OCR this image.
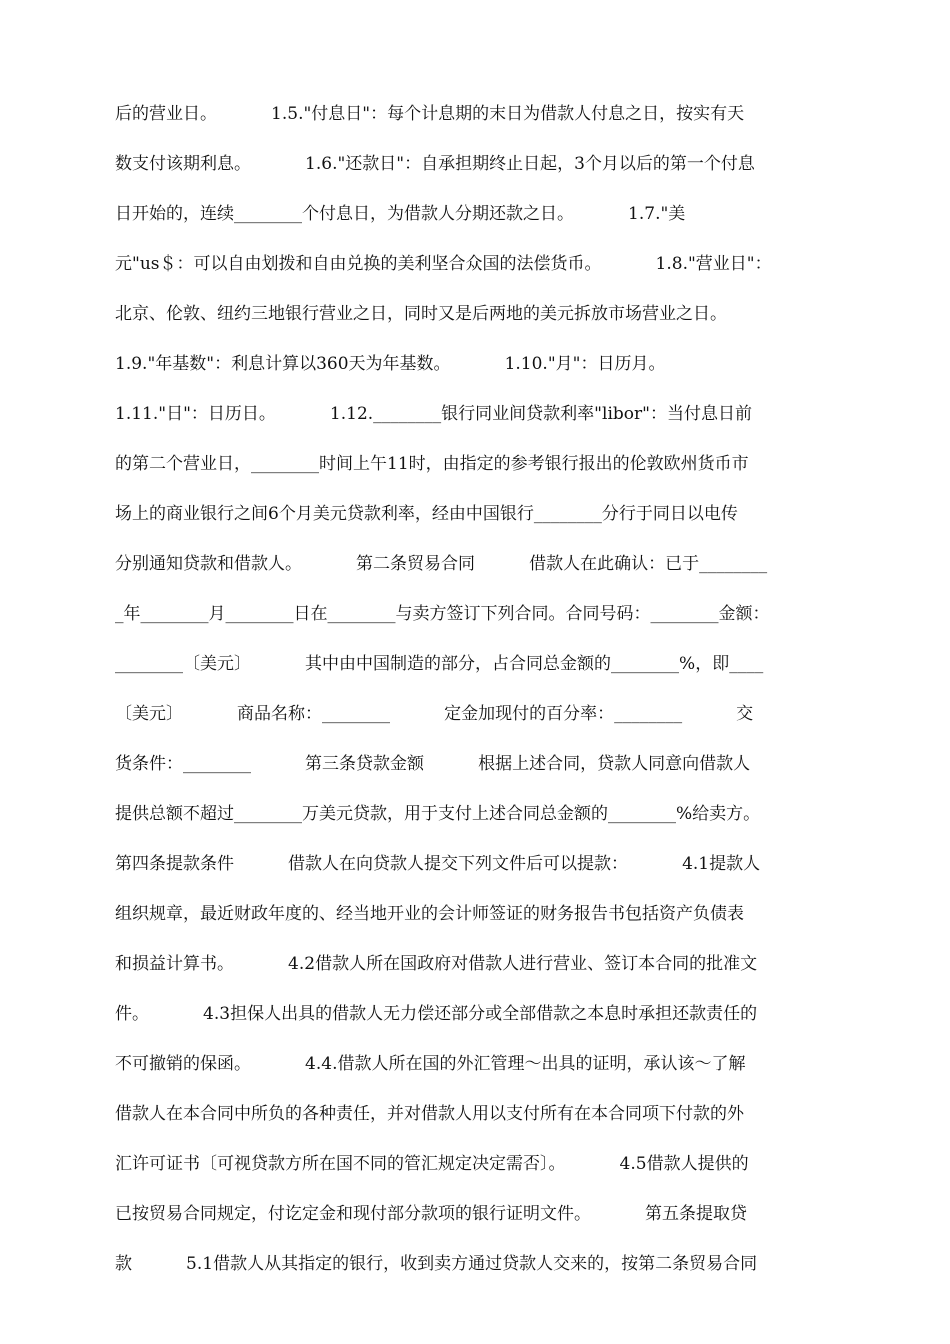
后的营业日。          1.5."付息日"：每个计息期的末日为借款人付息之日，按实有天
数支付该期利息。          1.6."还款日"：自承担期终止日起，3个月以后的第一个付息
日开始的，连续________个付息日，为借款人分期还款之日。          1.7."美
元"us＄：可以自由划拨和自由兑换的美利坚合众国的法偿货币。          1.8."营业日"：
北京、伦敦、纽约三地银行营业之日，同时又是后两地的美元拆放市场营业之日。
1.9."年基数"：利息计算以360天为年基数。          1.10."月"：日历月。
1.11."日"：日历日。          1.12.________银行同业间贷款利率"libor"：当付息日前
的第二个营业日，________时间上午11时，由指定的参考银行报出的伦敦欧州货币市
场上的商业银行之间6个月美元贷款利率，经由中国银行________分行于同日以电传
分别通知贷款和借款人。          第二条贸易合同          借款人在此确认：已于________
_年________月________日在________与卖方签订下列合同。合同号码：________金额：
________〔美元〕          其中由中国制造的部分，占合同总金额的________%，即____
〔美元〕          商品名称：________          定金加现付的百分率：________          交
货条件：________          第三条贷款金额          根据上述合同，贷款人同意向借款人
提供总额不超过________万美元贷款，用于支付上述合同总金额的________%给卖方。
第四条提款条件          借款人在向贷款人提交下列文件后可以提款：          4.1提款人
组织规章，最近财政年度的、经当地开业的会计师签证的财务报告书包括资产负债表
和损益计算书。          4.2借款人所在国政府对借款人进行营业、签订本合同的批准文
件。          4.3担保人出具的借款人无力偿还部分或全部借款之本息时承担还款责任的
不可撤销的保函。          4.4.借款人所在国的外汇管理～出具的证明，承认该～了解
借款人在本合同中所负的各种责任，并对借款人用以支付所有在本合同项下付款的外
汇许可证书〔可视贷款方所在国不同的管汇规定决定需否〕。          4.5借款人提供的
已按贸易合同规定，付讫定金和现付部分款项的银行证明文件。          第五条提取贷
款          5.1借款人从其指定的银行，收到卖方通过贷款人交来的，按第二条贸易合同
